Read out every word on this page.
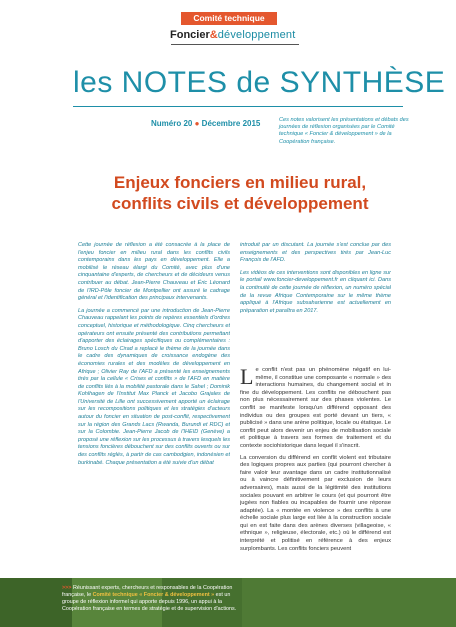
Comité technique
Foncier&développement
les NOTES de SYNTHÈSE
Numéro 20 ● Décembre 2015	Ces notes valorisent les présentations et débats des journées de réflexion organisées par le Comité technique « Foncier & développement » de la Coopération française.
Enjeux fonciers en milieu rural, conflits civils et développement

Cette journée de réflexion a été consacrée à la place de l'enjeu foncier en milieu rural dans les conflits civils contemporains dans les pays en développement. Elle a mobilisé le réseau élargi du Comité, avec plus d'une cinquantaine d'experts, de chercheurs et de décideurs venus contribuer au débat. Jean-Pierre Chauveau et Éric Léonard de l'IRD-Pôle foncier de Montpellier ont assuré le cadrage général et l'identification des principaux intervenants.

La journée a commencé par une introduction de Jean-Pierre Chauveau rappelant les points de repères essentiels d'ordres conceptuel, historique et méthodologique. Cinq chercheurs et opérateurs ont ensuite présenté des contributions permettant d'apporter des éclairages spécifiques ou complémentaires : Bruno Losch du Cirad a replacé le thème de la journée dans le cadre des dynamiques de croissance endogène des économies rurales et des modèles de développement en Afrique ; Olivier Ray de l'AFD a présenté les enseignements tirés par la cellule « Crises et conflits » de l'AFD en matière de conflits liés à la mobilité pastorale dans le Sahel ; Dominik Kohlhagen de l'Institut Max Planck et Jacobo Grajales de l'Université de Lille ont successivement apporté un éclairage sur les recompositions politiques et les stratégies d'acteurs autour du foncier en situation de post-conflit, respectivement sur la région des Grands Lacs (Rwanda, Burundi et RDC) et sur la Colombie. Jean-Pierre Jacob de l'IHEID (Genève) a proposé une réflexion sur les processus à travers lesquels les tensions foncières débouchent sur des conflits ouverts ou sur des conflits réglés, à partir de cas cambodgien, indonésien et burkinabé. Chaque présentation a été suivie d'un débat

introduit par un discutant. La journée s'est conclue par des enseignements et des perspectives tirés par Jean-Luc François de l'AFD.

Les vidéos de ces interventions sont disponibles en ligne sur le portail www.foncier-developpement.fr en cliquant ici. Dans la continuité de cette journée de réflexion, un numéro spécial de la revue Afrique Contemporaine sur le même thème appliqué à l'Afrique subsaharienne est actuellement en préparation et paraîtra en 2017.

Le conflit n'est pas un phénomène négatif en lui-même, il constitue une composante « normale » des interactions humaines, du changement social et in fine du développement. Les conflits ne débouchent pas non plus nécessairement sur des phases violentes. Le conflit se manifeste lorsqu'un différend opposant des individus ou des groupes est porté devant un tiers, « publicisé » dans une arène politique, locale ou étatique. Le conflit peut alors devenir un enjeu de mobilisation sociale et politique à travers ses formes de traitement et du contexte sociohistorique dans lequel il s'inscrit.

La conversion du différend en conflit violent est tributaire des logiques propres aux parties (qui pourront chercher à faire valoir leur avantage dans un cadre institutionnalisé ou à vaincre définitivement par exclusion de leurs adversaires), mais aussi de la légitimité des institutions sociales pouvant en arbitrer le cours (et qui pourront être jugées non fiables ou incapables de fournir une réponse adaptée). La « montée en violence » des conflits à une échelle sociale plus large est liée à la construction sociale qui en est faite dans des arènes diverses (villageoise, « ethnique », religieuse, électorale, etc.) où le différend est interprété et politisé en référence à des enjeux surplombants. Les conflits fonciers peuvent

>>> Réunissant experts, chercheurs et responsables de la Coopération française, le Comité technique « Foncier & développement » est un groupe de réflexion informel qui apporte depuis 1996, un appui à la Coopération française en termes de stratégie et de supervision d'actions.
